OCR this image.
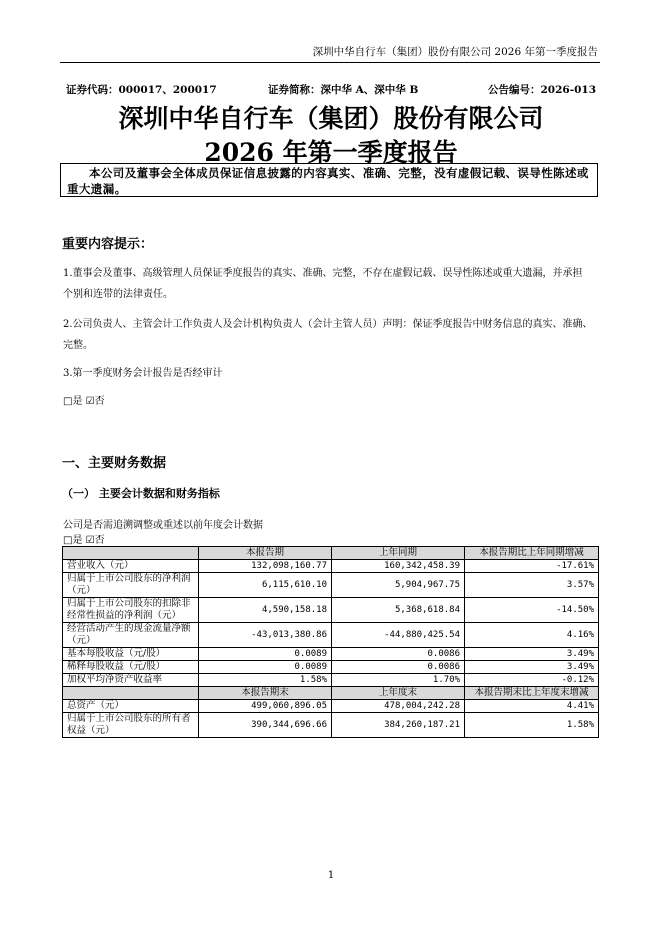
深圳中华自行车（集团）股份有限公司 2026 年第一季度报告
证券代码：000017、200017	证券简称：深中华 A、深中华 B	公告编号：2026-013
深圳中华自行车（集团）股份有限公司
2026 年第一季度报告
本公司及董事会全体成员保证信息披露的内容真实、准确、完整，没有虚假记载、误导性陈述或重大遗漏。
重要内容提示：
1.董事会及董事、高级管理人员保证季度报告的真实、准确、完整，不存在虚假记载、误导性陈述或重大遗漏，并承担
个别和连带的法律责任。
2.公司负责人、主管会计工作负责人及会计机构负责人（会计主管人员）声明：保证季度报告中财务信息的真实、准确、
完整。
3.第一季度财务会计报告是否经审计
□是 ☑否
一、主要财务数据
（一） 主要会计数据和财务指标
公司是否需追溯调整或重述以前年度会计数据
□是 ☑否
	本报告期	上年同期	本报告期比上年同期增减
营业收入（元）	132,098,160.77	160,342,458.39	-17.61%
归属于上市公司股东的净利润（元）	6,115,610.10	5,904,967.75	3.57%
归属于上市公司股东的扣除非经常性损益的净利润（元）	4,590,158.18	5,368,618.84	-14.50%
经营活动产生的现金流量净额（元）	-43,013,380.86	-44,880,425.54	4.16%
基本每股收益（元/股）	0.0089	0.0086	3.49%
稀释每股收益（元/股）	0.0089	0.0086	3.49%
加权平均净资产收益率	1.58%	1.70%	-0.12%
	本报告期末	上年度末	本报告期末比上年度末增减
总资产（元）	499,060,896.05	478,004,242.28	4.41%
归属于上市公司股东的所有者权益（元）	390,344,696.66	384,260,187.21	1.58%
1
